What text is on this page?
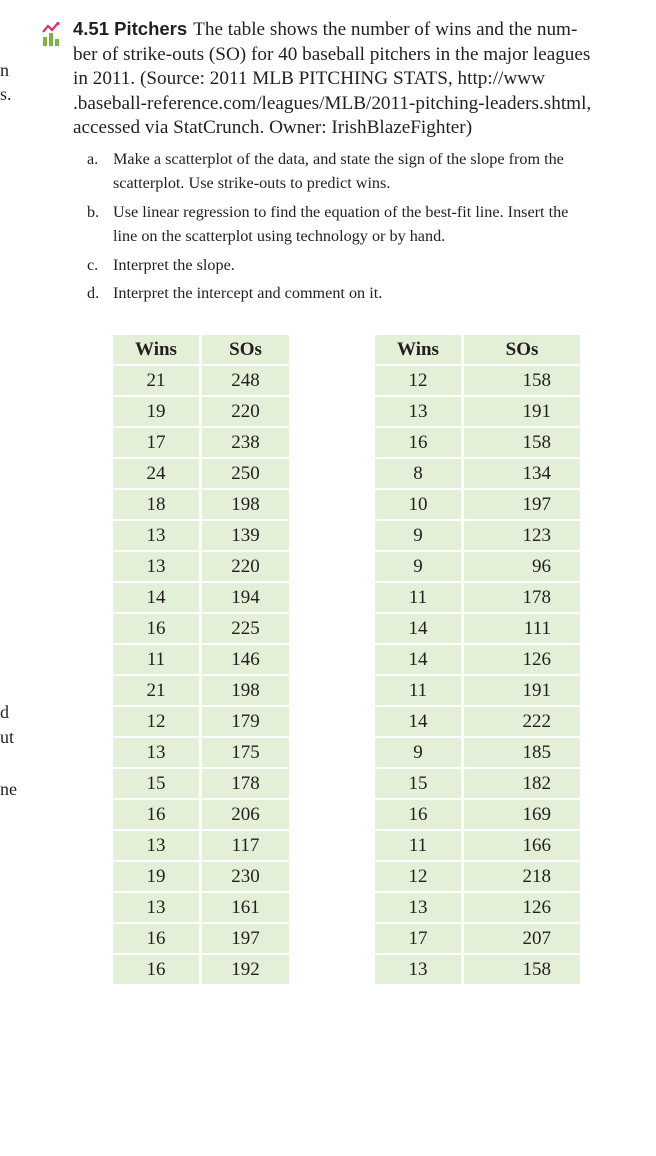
n
s.
d
ut
ne
4.51 Pitchers The table shows the number of wins and the num-
ber of strike-outs (SO) for 40 baseball pitchers in the major leagues
in 2011. (Source: 2011 MLB PITCHING STATS, http://www
.baseball-reference.com/leagues/MLB/2011-pitching-leaders.shtml,
accessed via StatCrunch. Owner: IrishBlazeFighter)
a. Make a scatterplot of the data, and state the sign of the slope from the
scatterplot. Use strike-outs to predict wins.
b. Use linear regression to find the equation of the best-fit line. Insert the
line on the scatterplot using technology or by hand.
c. Interpret the slope.
d. Interpret the intercept and comment on it.
Wins		SOs
21		248
19		220
17		238
24		250
18		198
13		139
13		220
14		194
16		225
11		146
21		198
12		179
13		175
15		178
16		206
13		117
19		230
13		161
16		197
16		192
Wins		SOs
12		158
13		191
16		158
8		134
10		197
9		123
9		96
11		178
14		111
14		126
11		191
14		222
9		185
15		182
16		169
11		166
12		218
13		126
17		207
13		158
